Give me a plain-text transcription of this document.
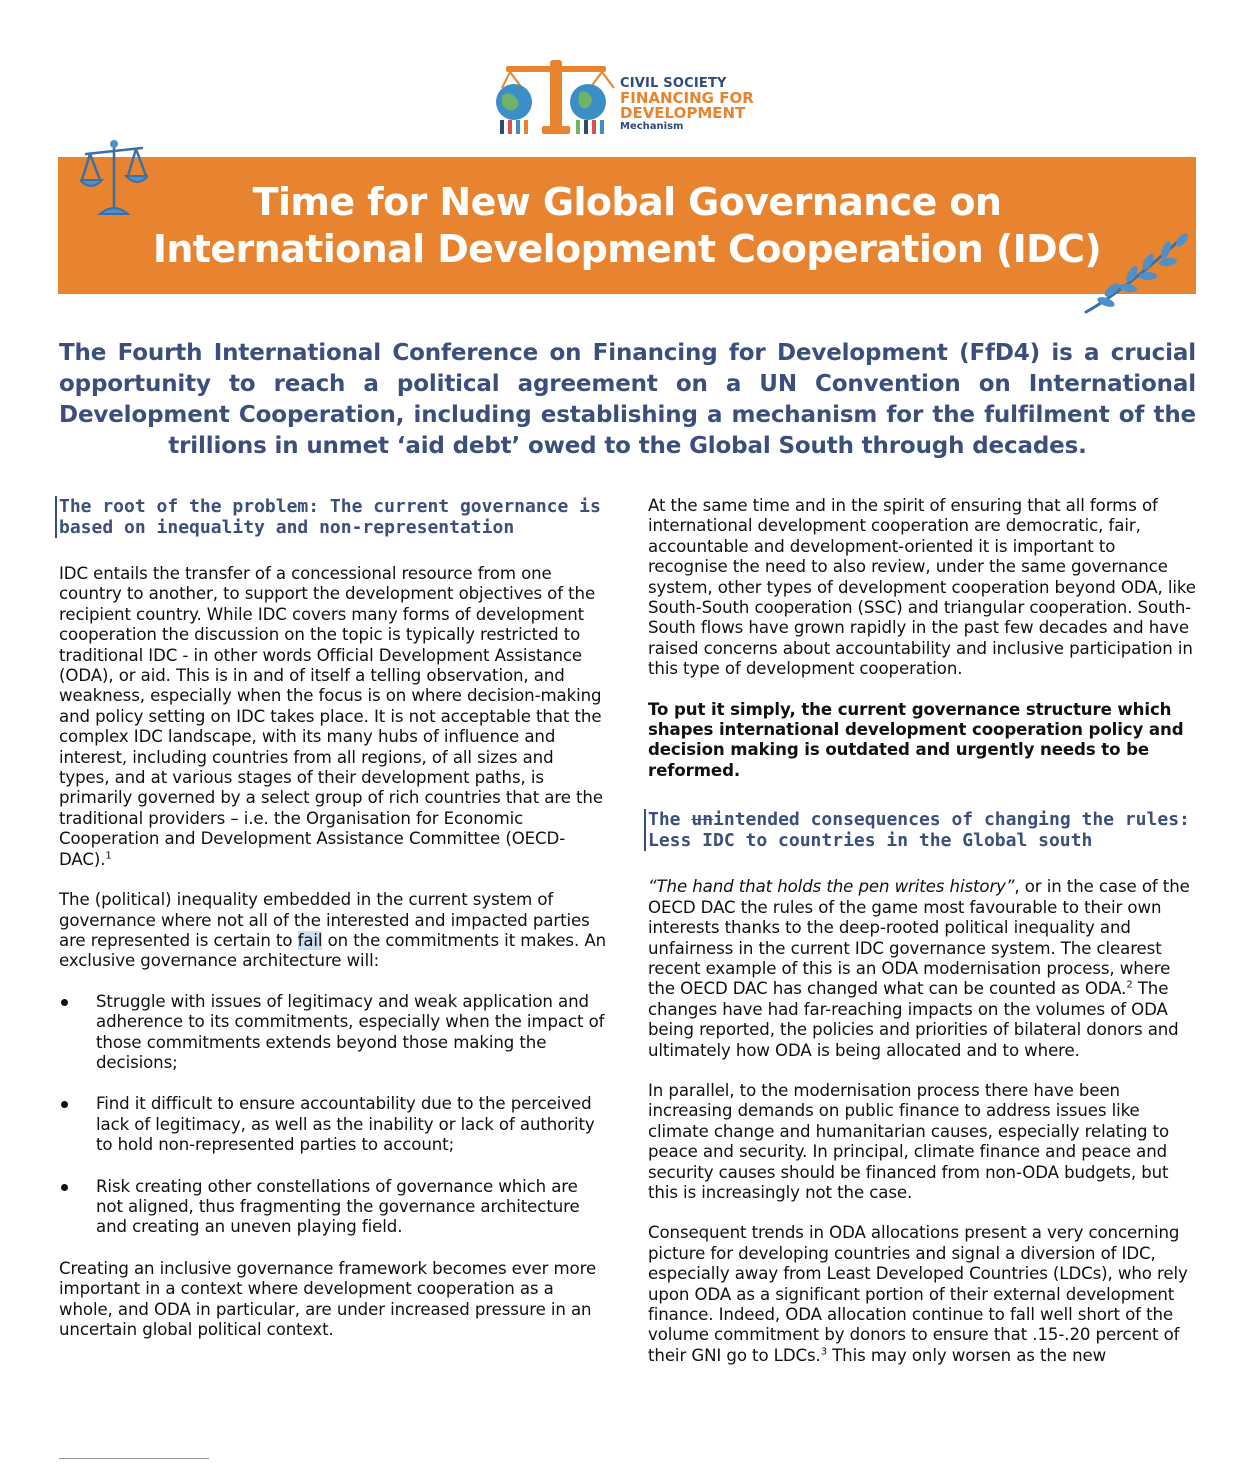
CIVIL SOCIETY
FINANCING FOR
DEVELOPMENT
Mechanism
Time for New Global Governance on
International Development Cooperation (IDC)

The Fourth International Conference on Financing for Development (FfD4) is a crucial opportunity to reach a political agreement on a UN Convention on International Development Cooperation, including establishing a mechanism for the fulfilment of the trillions in unmet ‘aid debt’ owed to the Global South through decades.

The root of the problem: The current governance is based on inequality and non-representation

IDC entails the transfer of a concessional resource from one country to another, to support the development objectives of the recipient country. While IDC covers many forms of development cooperation the discussion on the topic is typically restricted to traditional IDC - in other words Official Development Assistance (ODA), or aid. This is in and of itself a telling observation, and weakness, especially when the focus is on where decision-making and policy setting on IDC takes place. It is not acceptable that the complex IDC landscape, with its many hubs of influence and interest, including countries from all regions, of all sizes and types, and at various stages of their development paths, is primarily governed by a select group of rich countries that are the traditional providers – i.e. the Organisation for Economic Cooperation and Development Assistance Committee (OECD-DAC).$^1$

The (political) inequality embedded in the current system of governance where not all of the interested and impacted parties are represented is certain to fail on the commitments it makes. An exclusive governance architecture will:

Struggle with issues of legitimacy and weak application and adherence to its commitments, especially when the impact of those commitments extends beyond those making the decisions;
Find it difficult to ensure accountability due to the perceived lack of legitimacy, as well as the inability or lack of authority to hold non-represented parties to account;
Risk creating other constellations of governance which are not aligned, thus fragmenting the governance architecture and creating an uneven playing field.

Creating an inclusive governance framework becomes ever more important in a context where development cooperation as a whole, and ODA in particular, are under increased pressure in an uncertain global political context.

At the same time and in the spirit of ensuring that all forms of international development cooperation are democratic, fair, accountable and development-oriented it is important to recognise the need to also review, under the same governance system, other types of development cooperation beyond ODA, like South-South cooperation (SSC) and triangular cooperation. South-South flows have grown rapidly in the past few decades and have raised concerns about accountability and inclusive participation in this type of development cooperation.

To put it simply, the current governance structure which shapes international development cooperation policy and decision making is outdated and urgently needs to be reformed.

The unintended consequences of changing the rules: Less IDC to countries in the Global south

“The hand that holds the pen writes history”, or in the case of the OECD DAC the rules of the game most favourable to their own interests thanks to the deep-rooted political inequality and unfairness in the current IDC governance system. The clearest recent example of this is an ODA modernisation process, where the OECD DAC has changed what can be counted as ODA.$^2$ The changes have had far-reaching impacts on the volumes of ODA being reported, the policies and priorities of bilateral donors and ultimately how ODA is being allocated and to where.

In parallel, to the modernisation process there have been increasing demands on public finance to address issues like climate change and humanitarian causes, especially relating to peace and security. In principal, climate finance and peace and security causes should be financed from non-ODA budgets, but this is increasingly not the case.

Consequent trends in ODA allocations present a very concerning picture for developing countries and signal a diversion of IDC, especially away from Least Developed Countries (LDCs), who rely upon ODA as a significant portion of their external development finance. Indeed, ODA allocation continue to fall well short of the volume commitment by donors to ensure that .15-.20 percent of their GNI go to LDCs.$^3$ This may only worsen as the new
